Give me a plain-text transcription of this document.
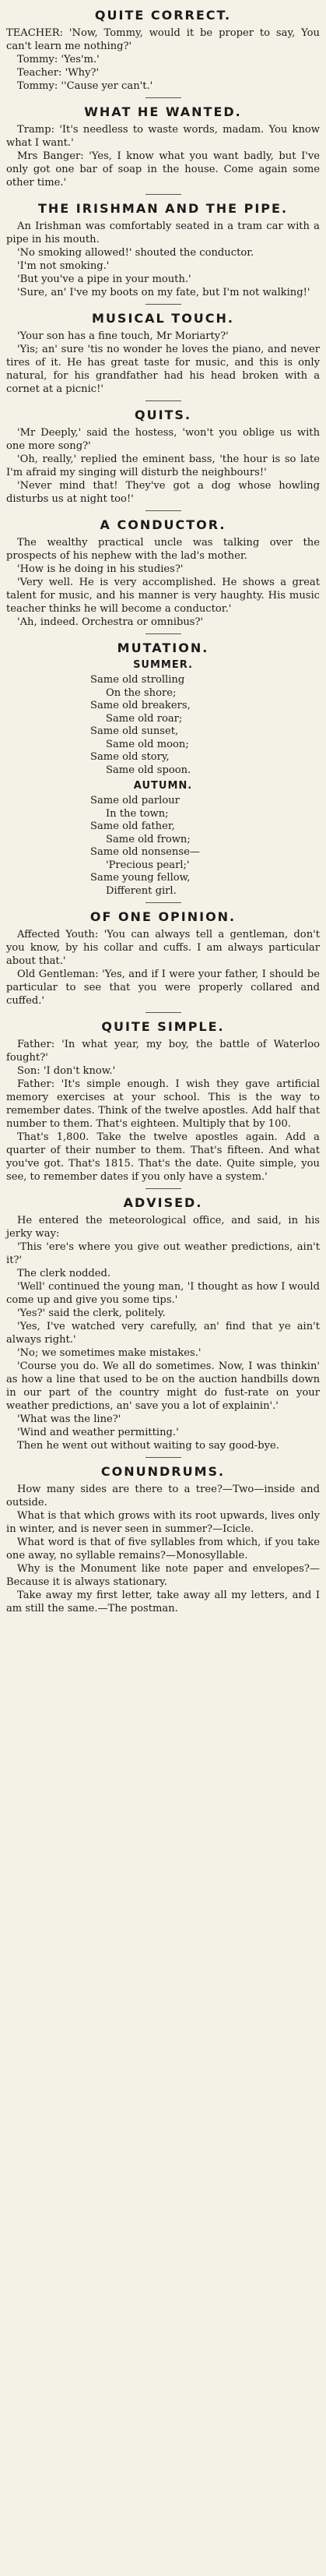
QUITE CORRECT.

TEACHER: 'Now, Tommy, would it be proper to say, You can't learn me nothing?'

Tommy: 'Yes'm.'

Teacher: 'Why?'

Tommy: ''Cause yer can't.'

WHAT HE WANTED.

Tramp: 'It's needless to waste words, madam. You know what I want.'

Mrs Banger: 'Yes, I know what you want badly, but I've only got one bar of soap in the house. Come again some other time.'

THE IRISHMAN AND THE PIPE.

An Irishman was comfortably seated in a tram car with a pipe in his mouth.

'No smoking allowed!' shouted the conductor.

'I'm not smoking.'

'But you've a pipe in your mouth.'

'Sure, an' I've my boots on my fate, but I'm not walking!'

MUSICAL TOUCH.

'Your son has a fine touch, Mr Moriarty?'

'Yis; an' sure 'tis no wonder he loves the piano, and never tires of it. He has great taste for music, and this is only natural, for his grandfather had his head broken with a cornet at a picnic!'

QUITS.

'Mr Deeply,' said the hostess, 'won't you oblige us with one more song?'

'Oh, really,' replied the eminent bass, 'the hour is so late I'm afraid my singing will disturb the neighbours!'

'Never mind that! They've got a dog whose howling disturbs us at night too!'

A CONDUCTOR.

The wealthy practical uncle was talking over the prospects of his nephew with the lad's mother.

'How is he doing in his studies?'

'Very well. He is very accomplished. He shows a great talent for music, and his manner is very haughty. His music teacher thinks he will become a conductor.'

'Ah, indeed. Orchestra or omnibus?'

MUTATION.
SUMMER.

Same old strolling

On the shore;

Same old breakers,

Same old roar;

Same old sunset,

Same old moon;

Same old story,

Same old spoon.

AUTUMN.

Same old parlour

In the town;

Same old father,

Same old frown;

Same old nonsense—

'Precious pearl;'

Same young fellow,

Different girl.

OF ONE OPINION.

Affected Youth: 'You can always tell a gentleman, don't you know, by his collar and cuffs. I am always particular about that.'

Old Gentleman: 'Yes, and if I were your father, I should be particular to see that you were properly collared and cuffed.'

QUITE SIMPLE.

Father: 'In what year, my boy, the battle of Waterloo fought?'

Son: 'I don't know.'

Father: 'It's simple enough. I wish they gave artificial memory exercises at your school. This is the way to remember dates. Think of the twelve apostles. Add half that number to them. That's eighteen. Multiply that by 100.

That's 1,800. Take the twelve apostles again. Add a quarter of their number to them. That's fifteen. And what you've got. That's 1815. That's the date. Quite simple, you see, to remember dates if you only have a system.'

ADVISED.

He entered the meteorological office, and said, in his jerky way:

'This 'ere's where you give out weather predictions, ain't it?'

The clerk nodded.

'Well' continued the young man, 'I thought as how I would come up and give you some tips.'

'Yes?' said the clerk, politely.

'Yes, I've watched very carefully, an' find that ye ain't always right.'

'No; we sometimes make mistakes.'

'Course you do. We all do sometimes. Now, I was thinkin' as how a line that used to be on the auction handbills down in our part of the country might do fust-rate on your weather predictions, an' save you a lot of explainin'.'

'What was the line?'

'Wind and weather permitting.'

Then he went out without waiting to say good-bye.

CONUNDRUMS.

How many sides are there to a tree?—Two—inside and outside.

What is that which grows with its root upwards, lives only in winter, and is never seen in summer?—Icicle.

What word is that of five syllables from which, if you take one away, no syllable remains?—Monosyllable.

Why is the Monument like note paper and envelopes?—Because it is always stationary.

Take away my first letter, take away all my letters, and I am still the same.—The postman.
